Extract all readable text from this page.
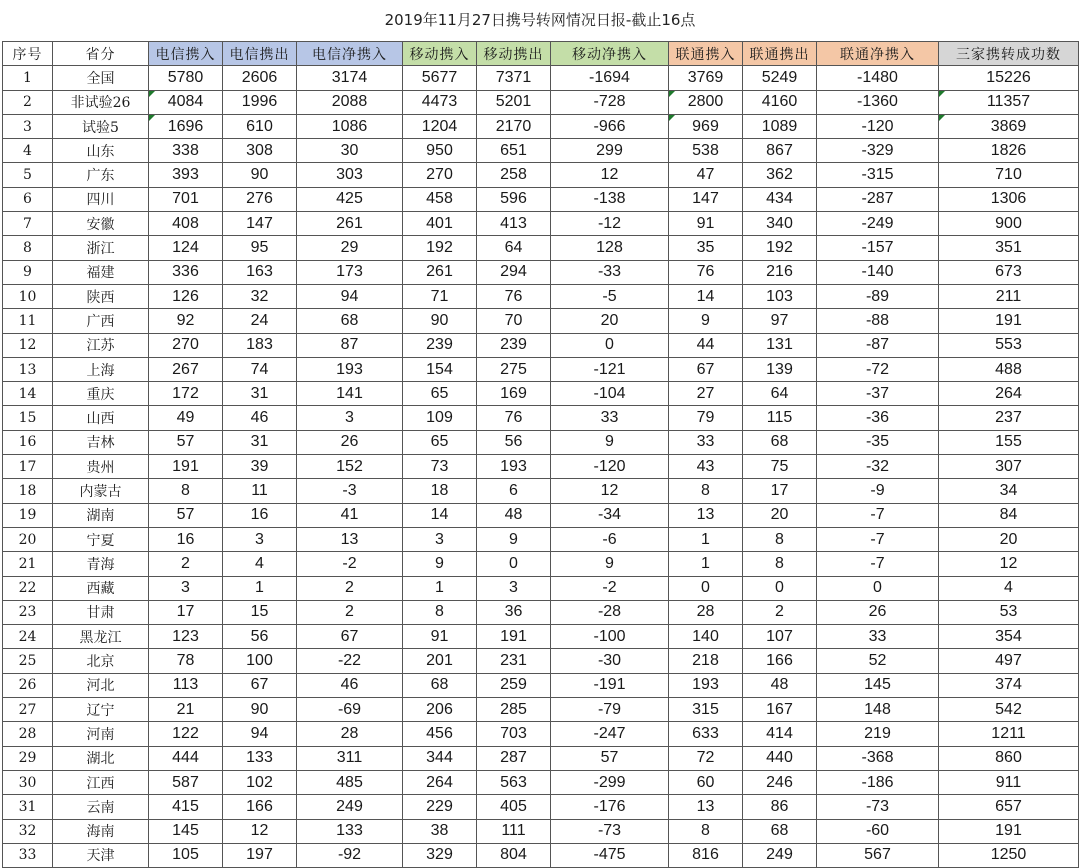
2019年11月27日携号转网情况日报-截止16点
序号	省分	电信携入	电信携出	电信净携入	移动携入	移动携出	移动净携入	联通携入	联通携出	联通净携入	三家携转成功数
1	全国	5780	2606	3174	5677	7371	-1694	3769	5249	-1480	15226
2	非试验26	4084	1996	2088	4473	5201	-728	2800	4160	-1360	11357
3	试验5	1696	610	1086	1204	2170	-966	969	1089	-120	3869
4	山东	338	308	30	950	651	299	538	867	-329	1826
5	广东	393	90	303	270	258	12	47	362	-315	710
6	四川	701	276	425	458	596	-138	147	434	-287	1306
7	安徽	408	147	261	401	413	-12	91	340	-249	900
8	浙江	124	95	29	192	64	128	35	192	-157	351
9	福建	336	163	173	261	294	-33	76	216	-140	673
10	陕西	126	32	94	71	76	-5	14	103	-89	211
11	广西	92	24	68	90	70	20	9	97	-88	191
12	江苏	270	183	87	239	239	0	44	131	-87	553
13	上海	267	74	193	154	275	-121	67	139	-72	488
14	重庆	172	31	141	65	169	-104	27	64	-37	264
15	山西	49	46	3	109	76	33	79	115	-36	237
16	吉林	57	31	26	65	56	9	33	68	-35	155
17	贵州	191	39	152	73	193	-120	43	75	-32	307
18	内蒙古	8	11	-3	18	6	12	8	17	-9	34
19	湖南	57	16	41	14	48	-34	13	20	-7	84
20	宁夏	16	3	13	3	9	-6	1	8	-7	20
21	青海	2	4	-2	9	0	9	1	8	-7	12
22	西藏	3	1	2	1	3	-2	0	0	0	4
23	甘肃	17	15	2	8	36	-28	28	2	26	53
24	黑龙江	123	56	67	91	191	-100	140	107	33	354
25	北京	78	100	-22	201	231	-30	218	166	52	497
26	河北	113	67	46	68	259	-191	193	48	145	374
27	辽宁	21	90	-69	206	285	-79	315	167	148	542
28	河南	122	94	28	456	703	-247	633	414	219	1211
29	湖北	444	133	311	344	287	57	72	440	-368	860
30	江西	587	102	485	264	563	-299	60	246	-186	911
31	云南	415	166	249	229	405	-176	13	86	-73	657
32	海南	145	12	133	38	111	-73	8	68	-60	191
33	天津	105	197	-92	329	804	-475	816	249	567	1250
